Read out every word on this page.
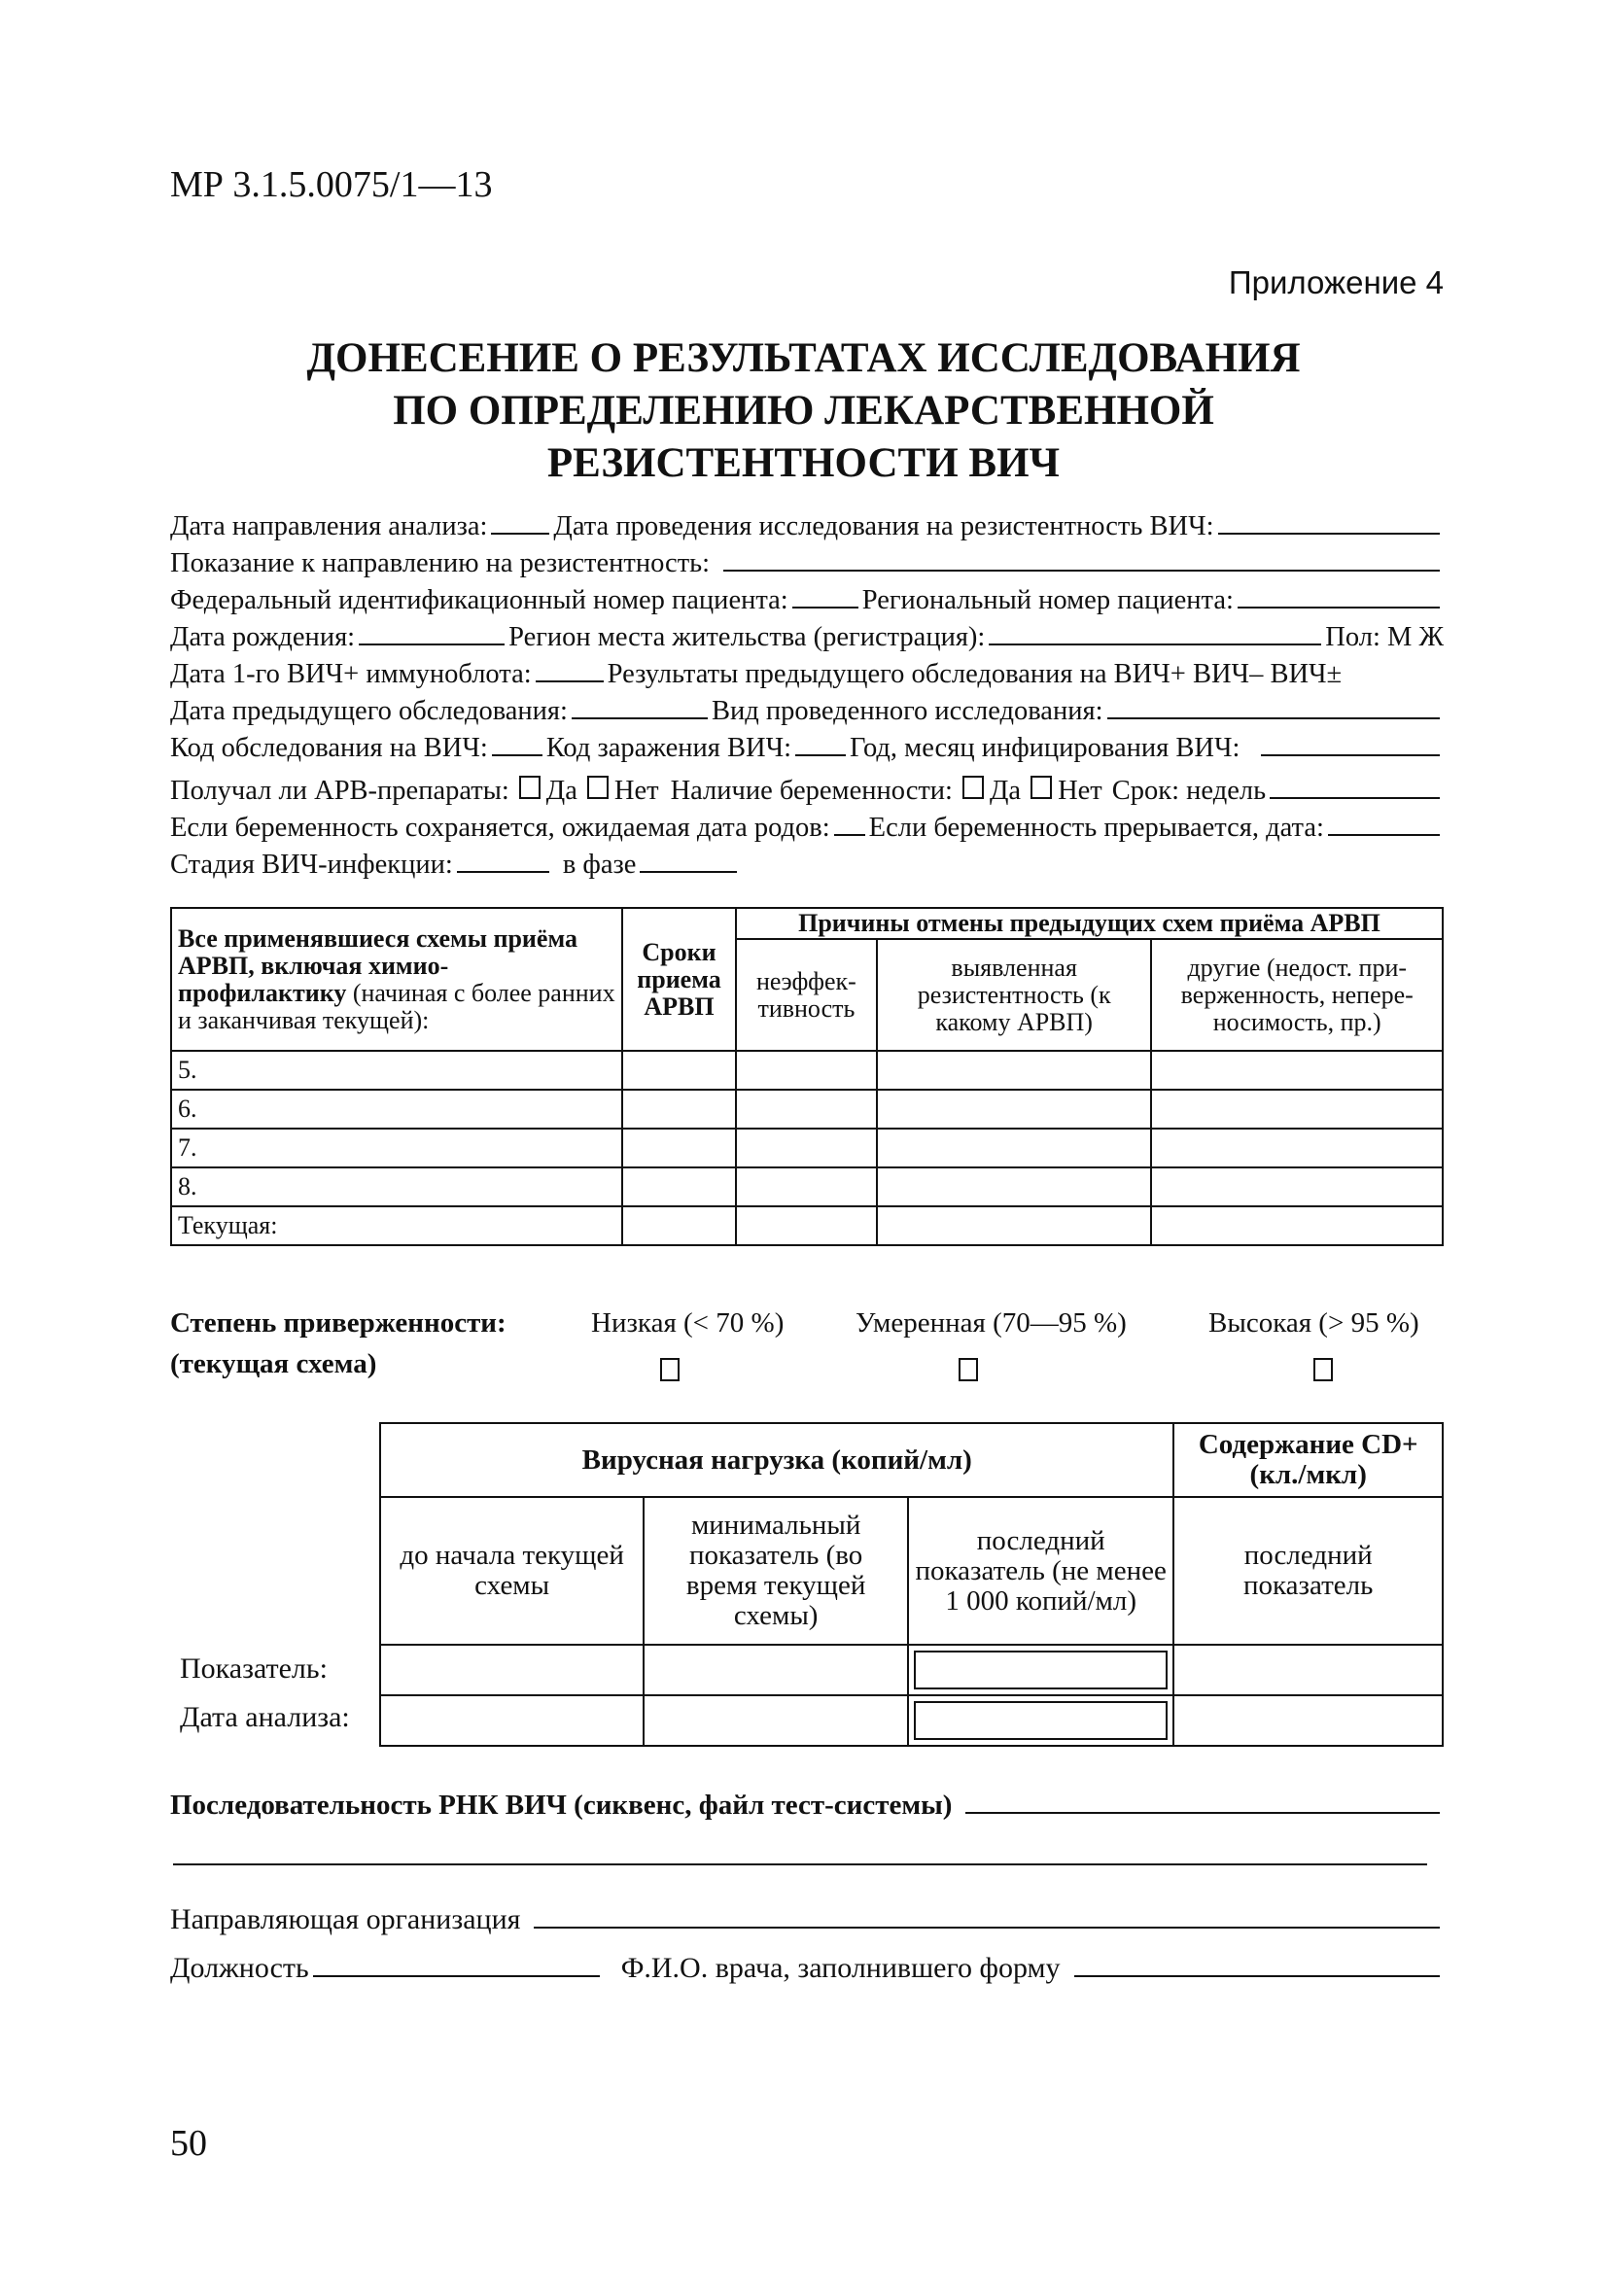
МР 3.1.5.0075/1—13
Приложение 4
ДОНЕСЕНИЕ О РЕЗУЛЬТАТАХ ИССЛЕДОВАНИЯ
ПО ОПРЕДЕЛЕНИЮ ЛЕКАРСТВЕННОЙ
РЕЗИСТЕНТНОСТИ ВИЧ
Дата направления анализа: Дата проведения исследования на резистентность ВИЧ:
Показание к направлению на резистентность:
Федеральный идентификационный номер пациента:	Региональный номер пациента:
Дата рождения:	Регион места жительства (регистрация):	Пол: М Ж
Дата 1-го ВИЧ+ иммуноблота:	Результаты предыдущего обследования на ВИЧ+ ВИЧ– ВИЧ±
Дата предыдущего обследования:	Вид проведенного исследования:
Код обследования на ВИЧ: Код заражения ВИЧ: Год, месяц инфицирования ВИЧ:
Получал ли АРВ-препараты: Да Нет Наличие беременности: Да Нет Срок: недель
Если беременность сохраняется, ожидаемая дата родов: Если беременность прерывается, дата:
Стадия ВИЧ-инфекции:	в фазе
Все применявшиеся схемы приёма АРВП, включая химио-профилактику (начиная с более ранних и заканчивая текущей):	Сроки приема АРВП	Причины отмены предыдущих схем приёма АРВП		
		неэффек-тивность	выявленная резистентность (к какому АРВП)	другие (недост. при-верженность, непере-носимость, пр.)
5.				
6.				
7.				
8.				
Текущая:				
Степень приверженности:	Низкая (< 70 %)	Умеренная (70—95 %)	Высокая (> 95 %)
(текущая схема)
Вирусная нагрузка (копий/мл)			Содержание CD+ (кл./мкл)
до начала текущей схемы	минимальный показатель (во время текущей схемы)	последний показатель (не менее 1 000 копий/мл)	последний показатель

Показатель:
Дата анализа:
Последовательность РНК ВИЧ (сиквенс, файл тест-системы)
Направляющая организация
Должность	Ф.И.О. врача, заполнившего форму
50
